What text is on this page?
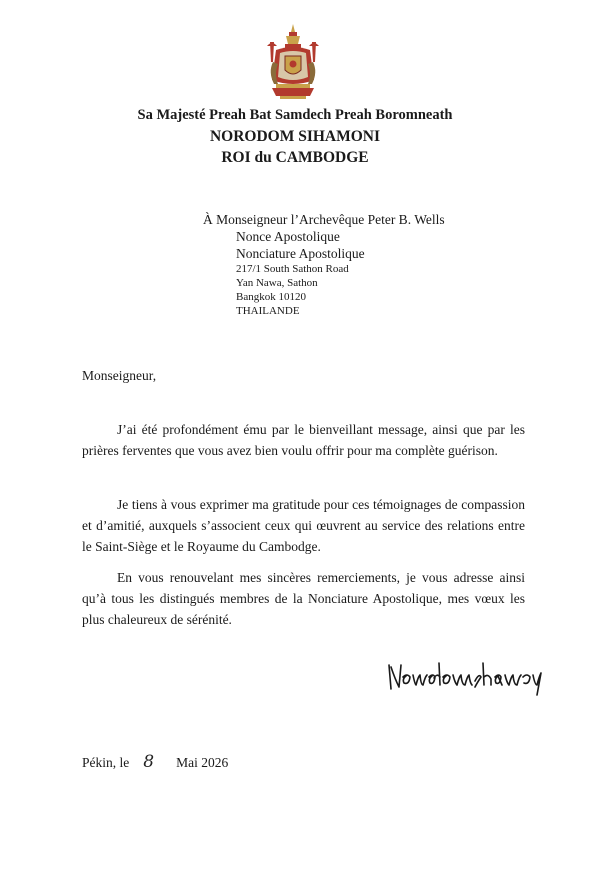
Sa Majesté Preah Bat Samdech Preah Boromneath
NORODOM SIHAMONI
ROI du CAMBODGE
À Monseigneur l’Archevêque Peter B. Wells
Nonce Apostolique
Nonciature Apostolique
217/1 South Sathon Road
Yan Nawa, Sathon
Bangkok 10120
THAILANDE
Monseigneur,
J’ai été profondément ému par le bienveillant message, ainsi que par les prières ferventes que vous avez bien voulu offrir pour ma complète guérison.
Je tiens à vous exprimer ma gratitude pour ces témoignages de compassion et d’amitié, auxquels s’associent ceux qui œuvrent au service des relations entre le Saint-Siège et le Royaume du Cambodge.
En vous renouvelant mes sincères remerciements, je vous adresse ainsi qu’à tous les distingués membres de la Nonciature Apostolique, mes vœux les plus chaleureux de sérénité.
Pékin, le 8 Mai 2026
